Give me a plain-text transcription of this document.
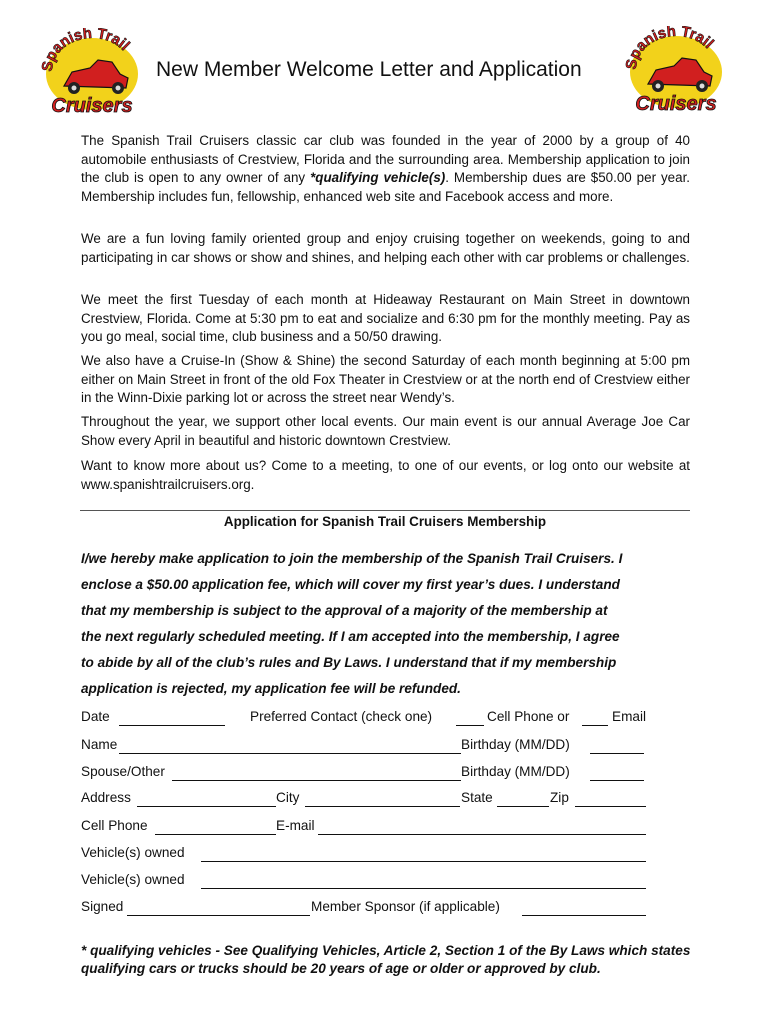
Spanish Trail
Cruisers
Spanish Trail
Cruisers
New Member Welcome Letter and Application

The Spanish Trail Cruisers classic car club was founded in the year of 2000 by a group of 40 automobile enthusiasts of Crestview, Florida and the surrounding area. Membership application to join the club is open to any owner of any *qualifying vehicle(s). Membership dues are $50.00 per year. Membership includes fun, fellowship, enhanced web site and Facebook access and more.

We are a fun loving family oriented group and enjoy cruising together on weekends, going to and participating in car shows or show and shines, and helping each other with car problems or challenges.

We meet the first Tuesday of each month at Hideaway Restaurant on Main Street in downtown Crestview, Florida. Come at 5:30 pm to eat and socialize and 6:30 pm for the monthly meeting. Pay as you go meal, social time, club business and a 50/50 drawing.

We also have a Cruise-In (Show & Shine) the second Saturday of each month beginning at 5:00 pm either on Main Street in front of the old Fox Theater in Crestview or at the north end of Crestview either in the Winn-Dixie parking lot or across the street near Wendy’s.

Throughout the year, we support other local events. Our main event is our annual Average Joe Car Show every April in beautiful and historic downtown Crestview.

Want to know more about us? Come to a meeting, to one of our events, or log onto our website at www.spanishtrailcruisers.org.

Application for Spanish Trail Cruisers Membership

I/we hereby make application to join the membership of the Spanish Trail Cruisers. I

enclose a $50.00 application fee, which will cover my first year’s dues. I understand

that my membership is subject to the approval of a majority of the membership at

the next regularly scheduled meeting. If I am accepted into the membership, I agree

to abide by all of the club’s rules and By Laws. I understand that if my membership

application is rejected, my application fee will be refunded.

Date	Preferred Contact (check one)	Cell Phone or	Email
Name	Birthday (MM/DD)
Spouse/Other	Birthday (MM/DD)
Address	City	State	Zip
Cell Phone	E-mail
Vehicle(s) owned
Vehicle(s) owned
Signed	Member Sponsor (if applicable)

* qualifying vehicles - See Qualifying Vehicles, Article 2, Section 1 of the By Laws which states qualifying cars or trucks should be 20 years of age or older or approved by club.
